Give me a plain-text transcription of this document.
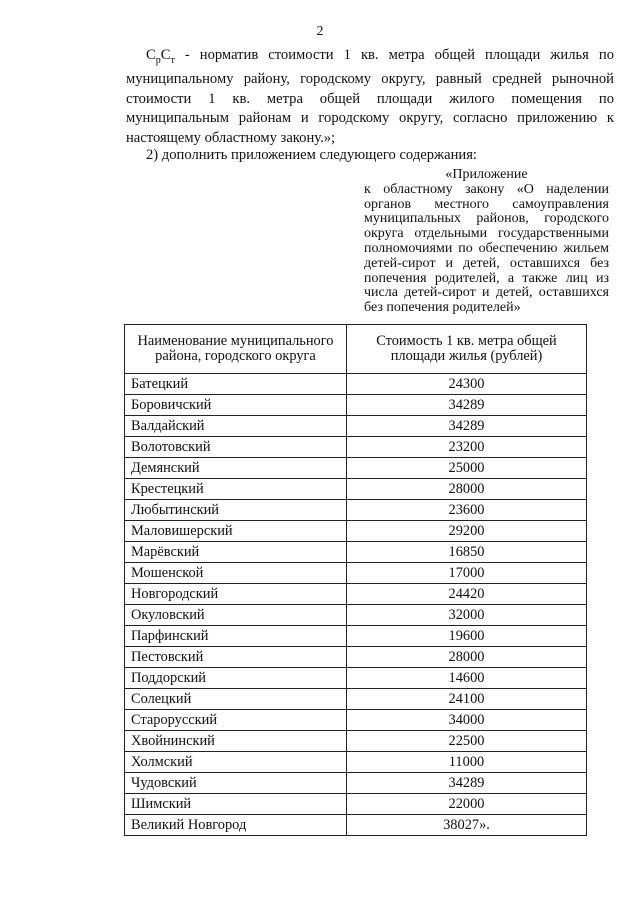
2

$С_рС_т$ - норматив стоимости 1 кв. метра общей площади жилья по муниципальному району, городскому округу, равный средней рыночной стоимости 1 кв. метра общей площади жилого помещения по муниципальным районам и городскому округу, согласно приложению к настоящему областному закону.»;

2) дополнить приложением следующего содержания:

«Приложение
к областному закону «О наделении органов местного самоуправления муниципальных районов, городского округа отдельными государственными полномочиями по обеспечению жильем детей-сирот и детей, оставшихся без попечения родителей, а также лиц из числа детей-сирот и детей, оставшихся без попечения родителей»
Наименование муниципального района, городского округа	Стоимость 1 кв. метра общей площади жилья (рублей)
Батецкий	24300
Боровичский	34289
Валдайский	34289
Волотовский	23200
Демянский	25000
Крестецкий	28000
Любытинский	23600
Маловишерский	29200
Марёвский	16850
Мошенской	17000
Новгородский	24420
Окуловский	32000
Парфинский	19600
Пестовский	28000
Поддорский	14600
Солецкий	24100
Старорусский	34000
Хвойнинский	22500
Холмский	11000
Чудовский	34289
Шимский	22000
Великий Новгород	38027».
